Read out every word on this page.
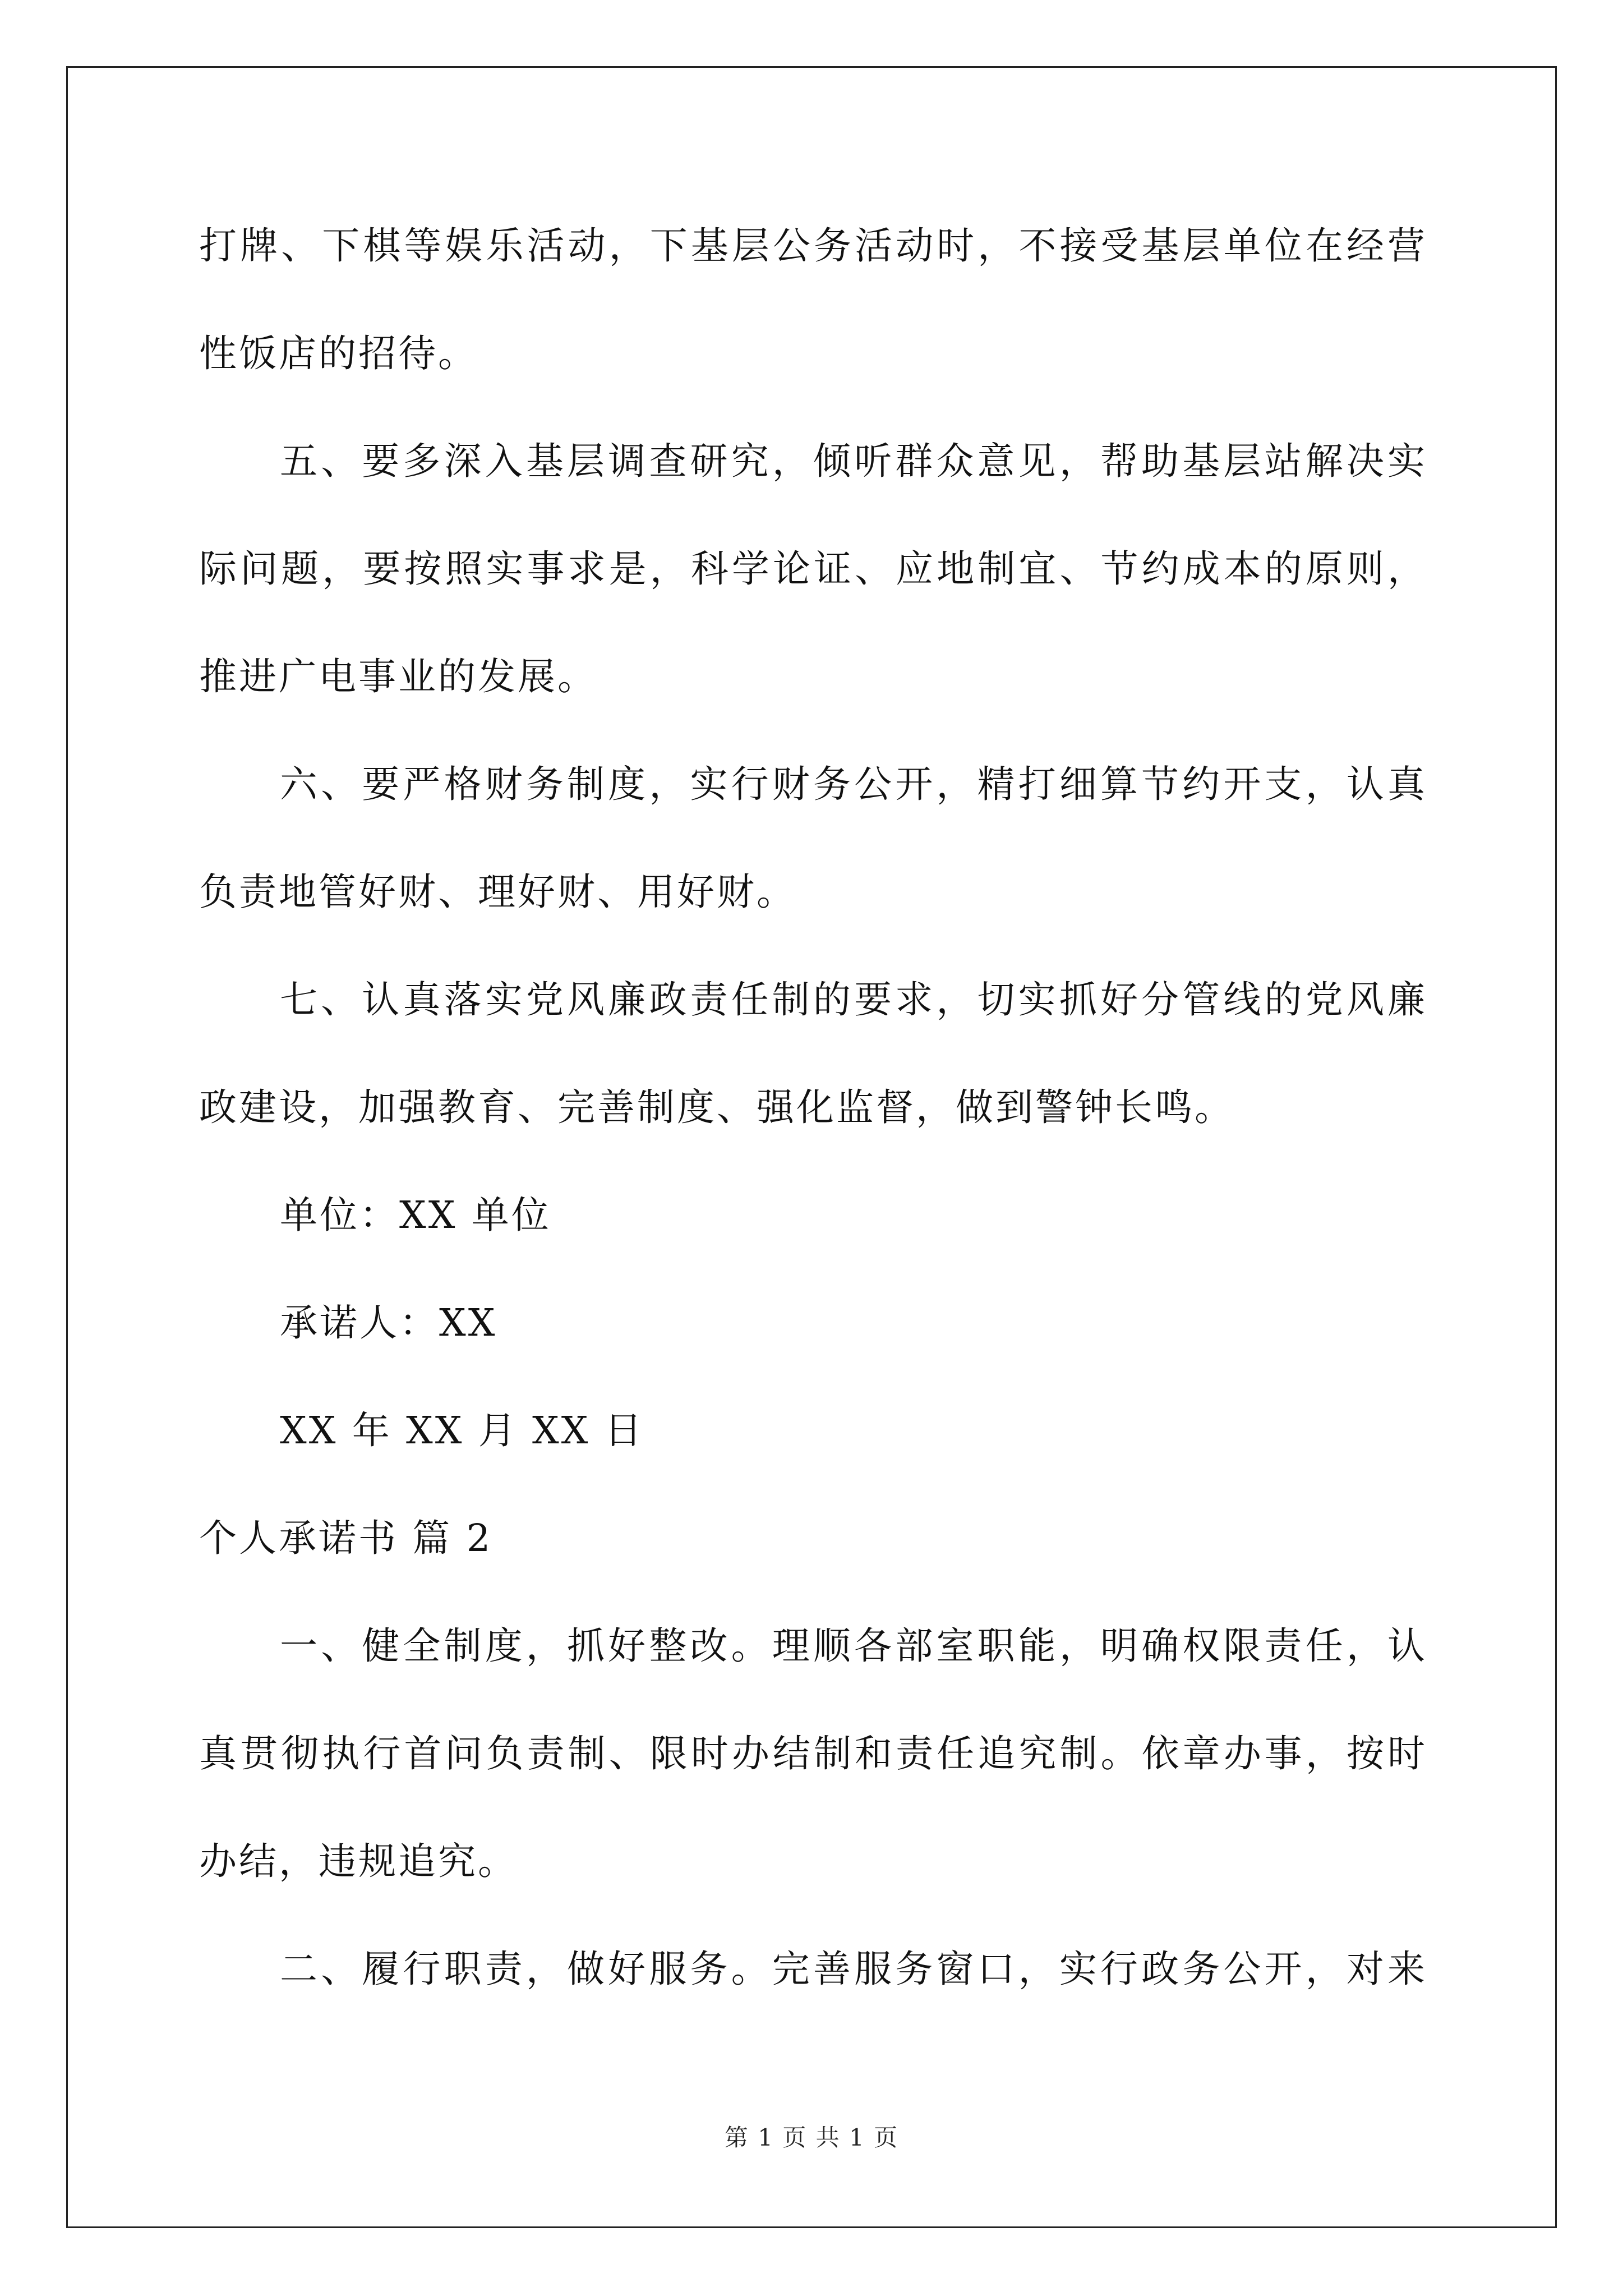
打牌、下棋等娱乐活动，下基层公务活动时，不接受基层单位在经营
性饭店的招待。
五、要多深入基层调查研究，倾听群众意见，帮助基层站解决实
际问题，要按照实事求是，科学论证、应地制宜、节约成本的原则，
推进广电事业的发展。
六、要严格财务制度，实行财务公开，精打细算节约开支，认真
负责地管好财、理好财、用好财。
七、认真落实党风廉政责任制的要求，切实抓好分管线的党风廉
政建设，加强教育、完善制度、强化监督，做到警钟长鸣。
单位：XX 单位
承诺人：XX
XX 年 XX 月 XX 日
个人承诺书 篇 2
一、健全制度，抓好整改。理顺各部室职能，明确权限责任，认
真贯彻执行首问负责制、限时办结制和责任追究制。依章办事，按时
办结，违规追究。
二、履行职责，做好服务。完善服务窗口，实行政务公开，对来
第 1 页 共 1 页
